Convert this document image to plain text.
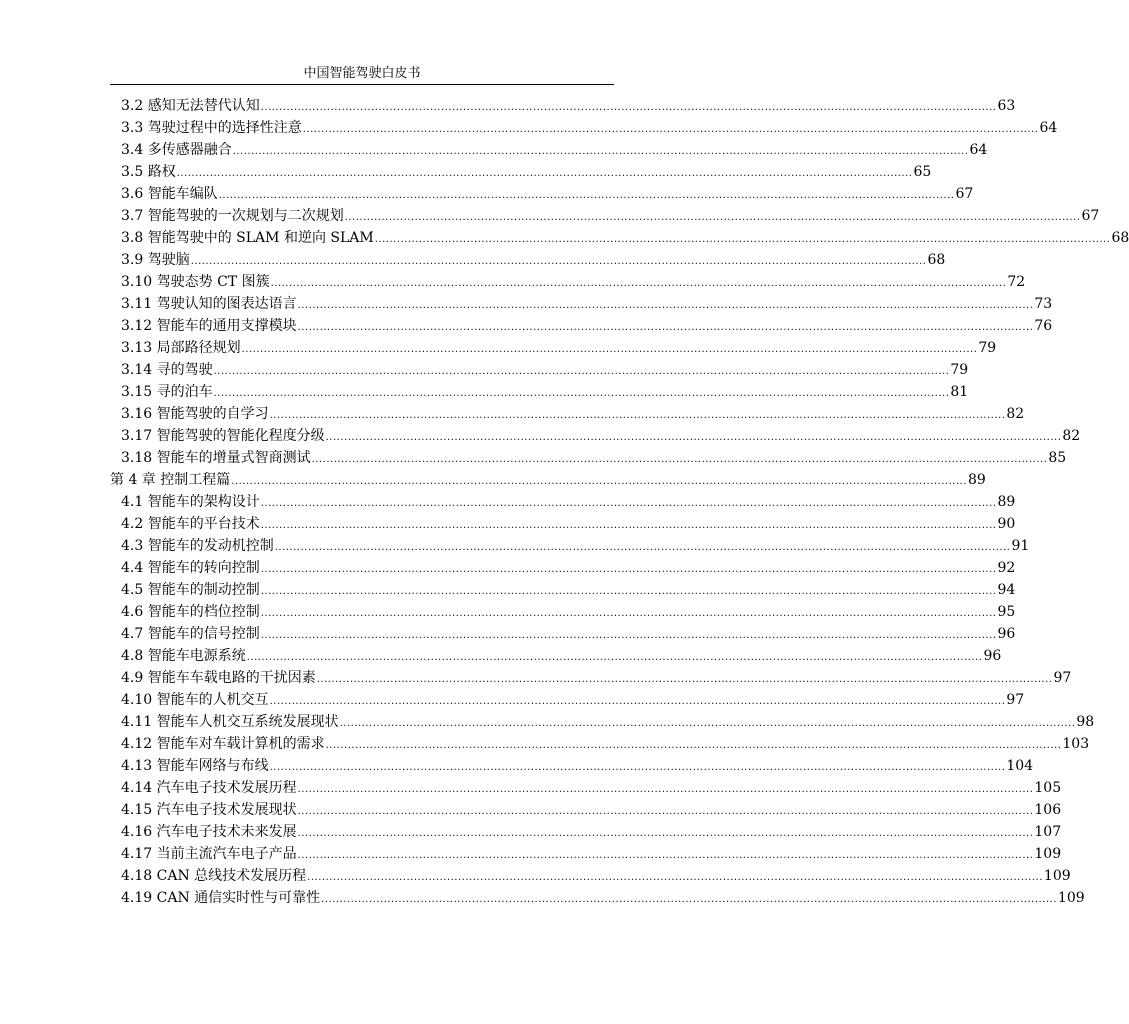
中国智能驾驶白皮书
3.2 感知无法替代认知 ........................................................................................................................................................................................................ 63
3.3 驾驶过程中的选择性注意 ........................................................................................................................................................................................................ 64
3.4 多传感器融合 ........................................................................................................................................................................................................ 64
3.5 路权 ........................................................................................................................................................................................................ 65
3.6 智能车编队 ........................................................................................................................................................................................................ 67
3.7 智能驾驶的一次规划与二次规划 ........................................................................................................................................................................................................ 67
3.8 智能驾驶中的 SLAM 和逆向 SLAM ........................................................................................................................................................................................................ 68
3.9 驾驶脑 ........................................................................................................................................................................................................ 68
3.10 驾驶态势 CT 图簇 ........................................................................................................................................................................................................ 72
3.11 驾驶认知的图表达语言 ........................................................................................................................................................................................................ 73
3.12 智能车的通用支撑模块 ........................................................................................................................................................................................................ 76
3.13 局部路径规划 ........................................................................................................................................................................................................ 79
3.14 寻的驾驶 ........................................................................................................................................................................................................ 79
3.15 寻的泊车 ........................................................................................................................................................................................................ 81
3.16 智能驾驶的自学习 ........................................................................................................................................................................................................ 82
3.17 智能驾驶的智能化程度分级 ........................................................................................................................................................................................................ 82
3.18 智能车的增量式智商测试 ........................................................................................................................................................................................................ 85
第 4 章 控制工程篇 ........................................................................................................................................................................................................ 89
4.1 智能车的架构设计 ........................................................................................................................................................................................................ 89
4.2 智能车的平台技术 ........................................................................................................................................................................................................ 90
4.3 智能车的发动机控制 ........................................................................................................................................................................................................ 91
4.4 智能车的转向控制 ........................................................................................................................................................................................................ 92
4.5 智能车的制动控制 ........................................................................................................................................................................................................ 94
4.6 智能车的档位控制 ........................................................................................................................................................................................................ 95
4.7 智能车的信号控制 ........................................................................................................................................................................................................ 96
4.8 智能车电源系统 ........................................................................................................................................................................................................ 96
4.9 智能车车载电路的干扰因素 ........................................................................................................................................................................................................ 97
4.10 智能车的人机交互 ........................................................................................................................................................................................................ 97
4.11 智能车人机交互系统发展现状 ........................................................................................................................................................................................................ 98
4.12 智能车对车载计算机的需求 ........................................................................................................................................................................................................ 103
4.13 智能车网络与布线 ........................................................................................................................................................................................................ 104
4.14 汽车电子技术发展历程 ........................................................................................................................................................................................................ 105
4.15 汽车电子技术发展现状 ........................................................................................................................................................................................................ 106
4.16 汽车电子技术未来发展 ........................................................................................................................................................................................................ 107
4.17 当前主流汽车电子产品 ........................................................................................................................................................................................................ 109
4.18 CAN 总线技术发展历程 ........................................................................................................................................................................................................ 109
4.19 CAN 通信实时性与可靠性 ........................................................................................................................................................................................................ 109
